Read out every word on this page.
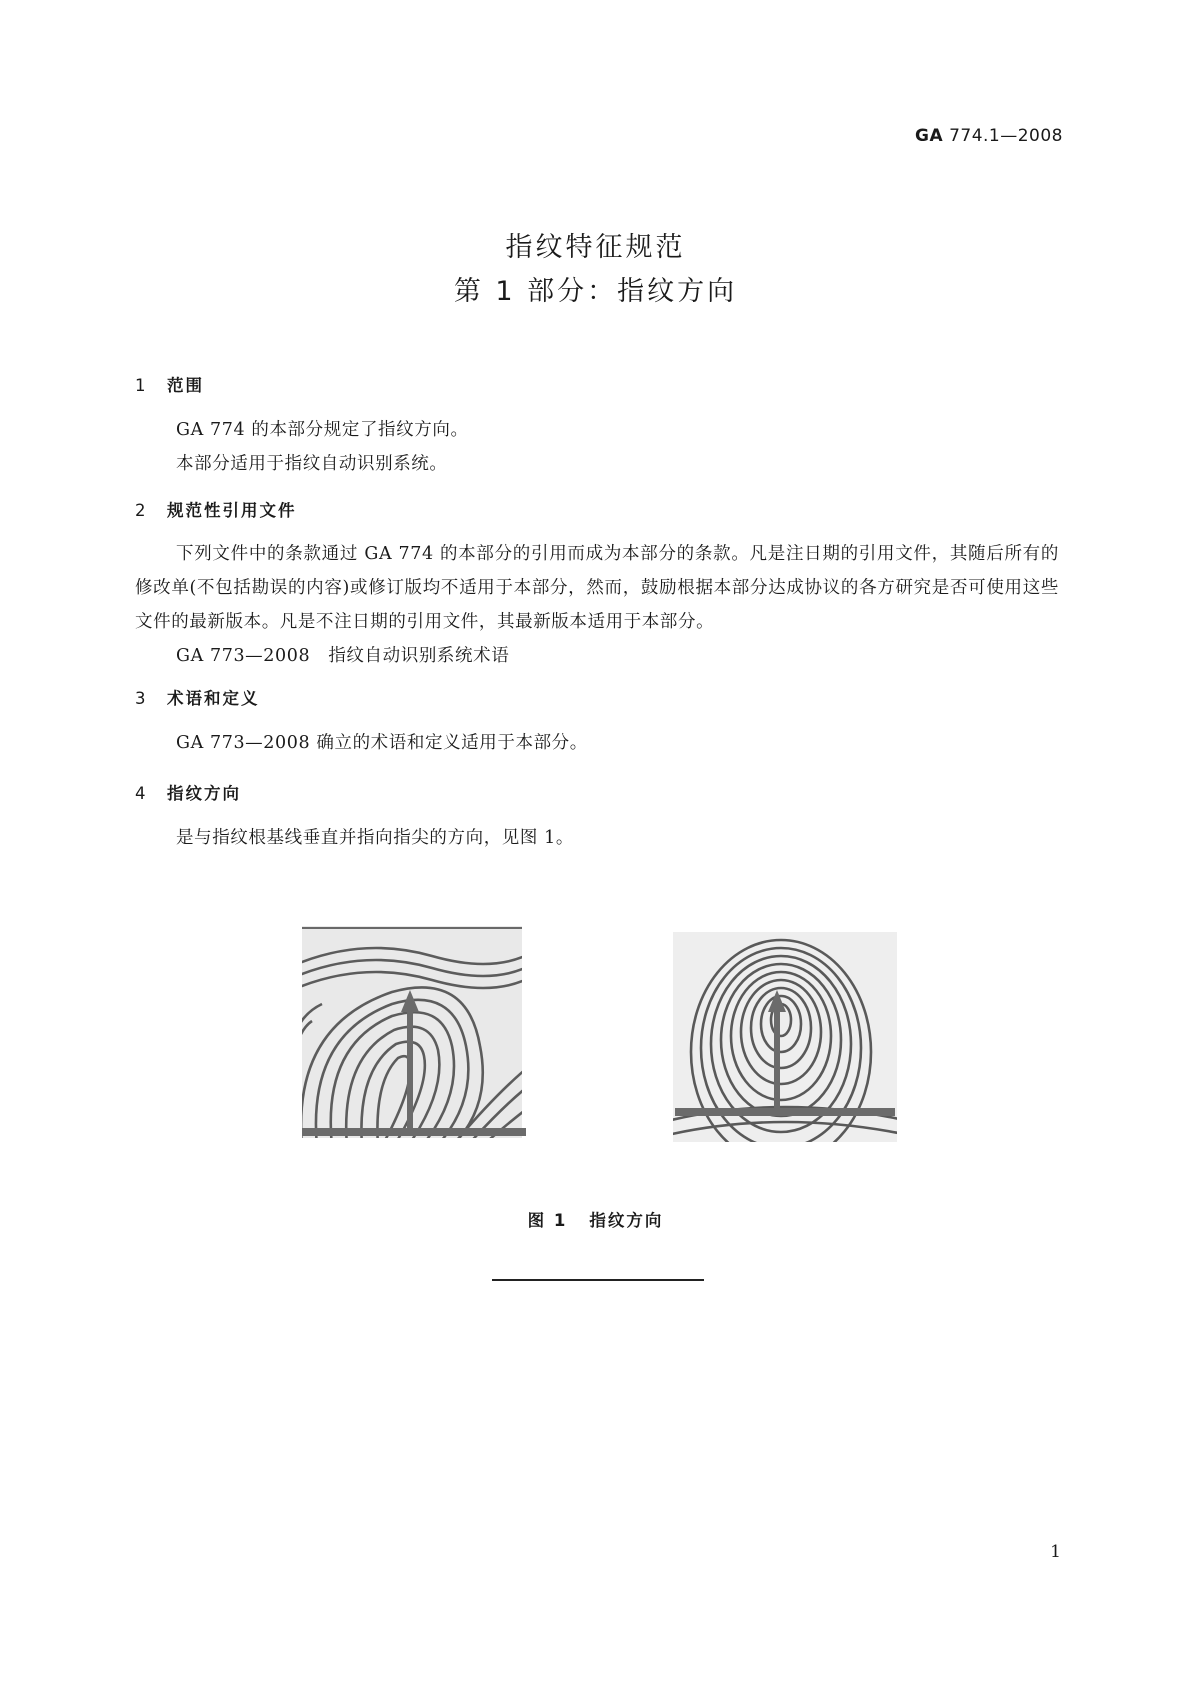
GA 774.1—2008
指纹特征规范
第 1 部分：指纹方向
1 范围

GA 774 的本部分规定了指纹方向。

本部分适用于指纹自动识别系统。

2 规范性引用文件

下列文件中的条款通过 GA 774 的本部分的引用而成为本部分的条款。凡是注日期的引用文件，其随后所有的修改单(不包括勘误的内容)或修订版均不适用于本部分，然而，鼓励根据本部分达成协议的各方研究是否可使用这些文件的最新版本。凡是不注日期的引用文件，其最新版本适用于本部分。

GA 773—2008　指纹自动识别系统术语

3 术语和定义

GA 773—2008 确立的术语和定义适用于本部分。

4 指纹方向

是与指纹根基线垂直并指向指尖的方向，见图 1。

图 1 指纹方向
1
